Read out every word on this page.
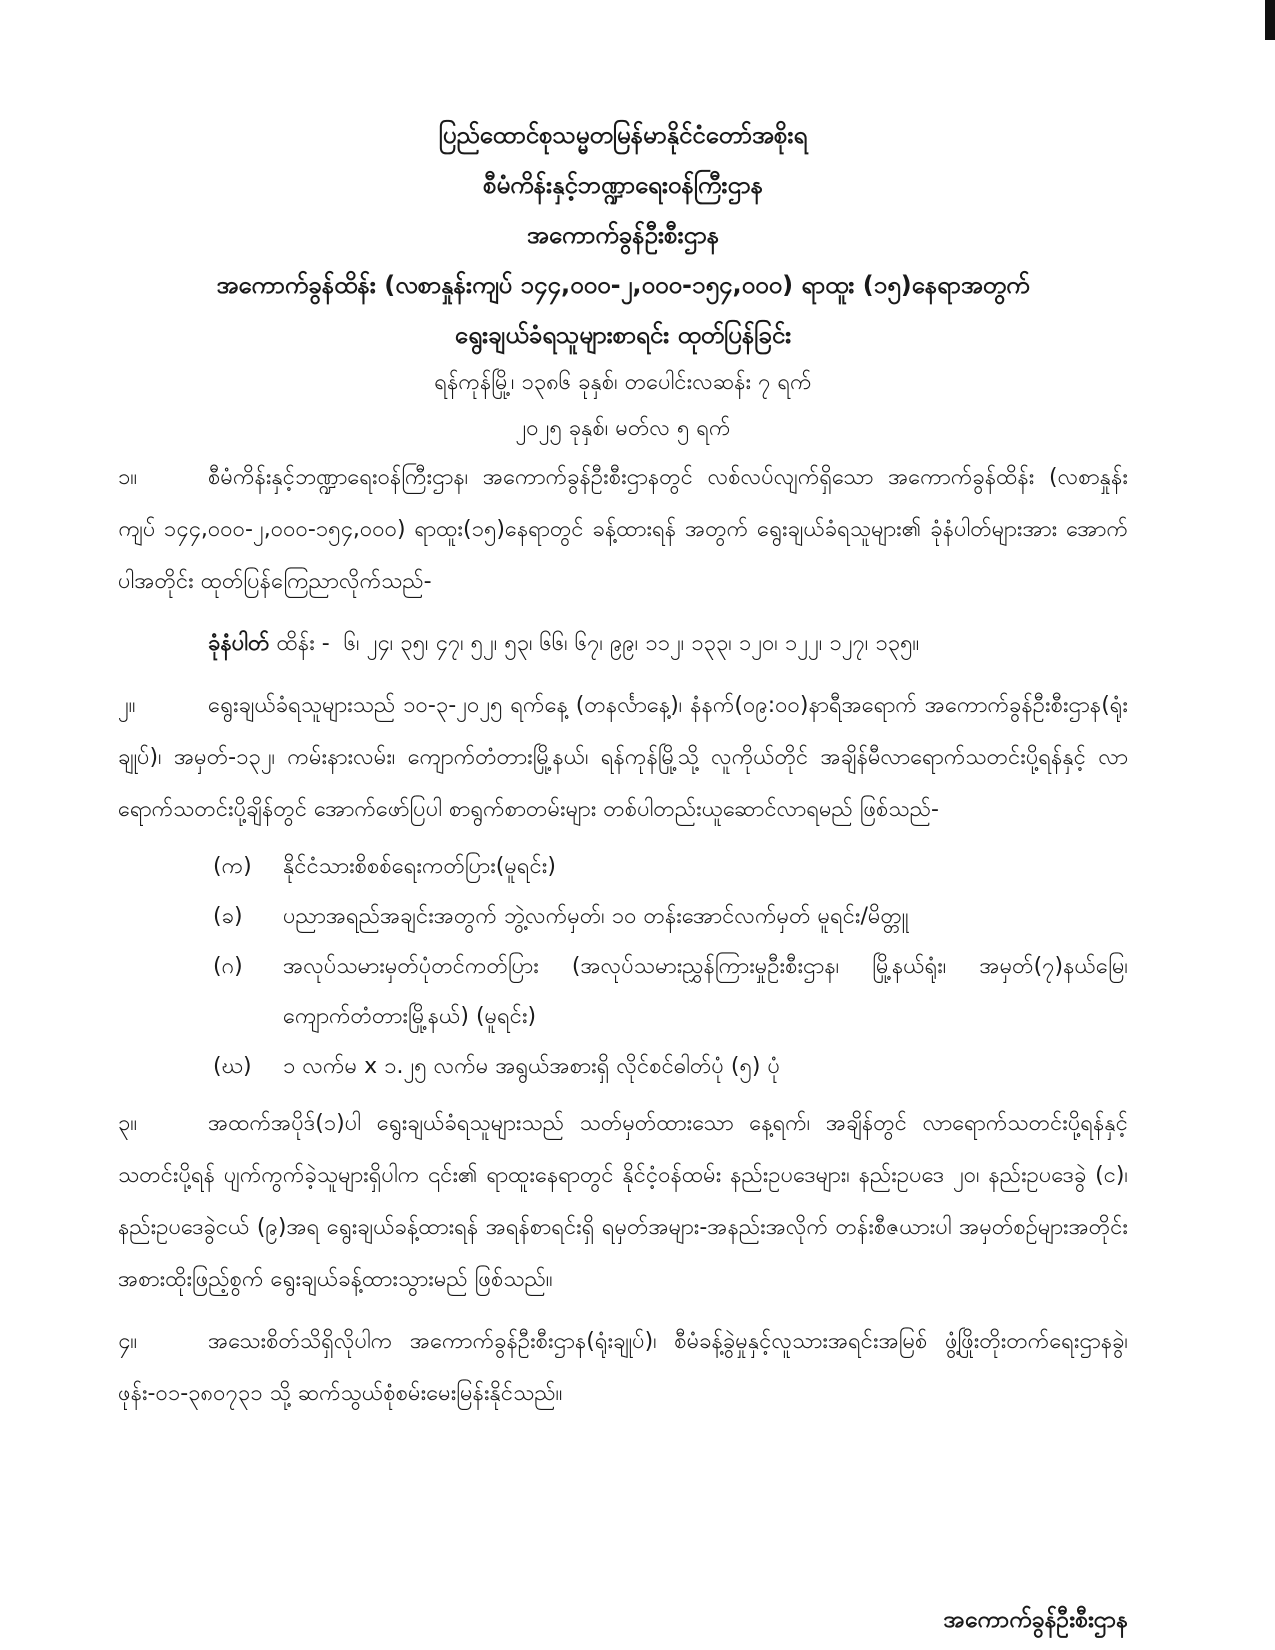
ပြည်ထောင်စုသမ္မတမြန်မာနိုင်ငံတော်အစိုးရ
စီမံကိန်းနှင့်ဘဏ္ဍာရေးဝန်ကြီးဌာန
အကောက်ခွန်ဦးစီးဌာန
အကောက်ခွန်ထိန်း (လစာနှုန်းကျပ် ၁၄၄,၀၀၀-၂,၀၀၀-၁၅၄,၀၀၀) ရာထူး (၁၅)နေရာအတွက်
ရွေးချယ်ခံရသူများစာရင်း ထုတ်ပြန်ခြင်း
ရန်ကုန်မြို့၊ ၁၃၈၆ ခုနှစ်၊ တပေါင်းလဆန်း ၇ ရက်
၂၀၂၅ ခုနှစ်၊ မတ်လ ၅ ရက်

၁။	စီမံကိန်းနှင့်ဘဏ္ဍာရေးဝန်ကြီးဌာန၊ အကောက်ခွန်ဦးစီးဌာနတွင် လစ်လပ်လျက်ရှိသော အကောက်ခွန်ထိန်း (လစာနှုန်းကျပ် ၁၄၄,၀၀၀-၂,၀၀၀-၁၅၄,၀၀၀) ရာထူး(၁၅)နေရာတွင် ခန့်ထားရန် အတွက် ရွေးချယ်ခံရသူများ၏ ခုံနံပါတ်များအား အောက်ပါအတိုင်း ထုတ်ပြန်ကြေညာလိုက်သည်-

ခုံနံပါတ် ထိန်း - ၆၊ ၂၄၊ ၃၅၊ ၄၇၊ ၅၂၊ ၅၃၊ ၆၆၊ ၆၇၊ ၉၉၊ ၁၁၂၊ ၁၃၃၊ ၁၂၀၊ ၁၂၂၊ ၁၂၇၊ ၁၃၅။

၂။	ရွေးချယ်ခံရသူများသည် ၁၀-၃-၂၀၂၅ ရက်နေ့ (တနင်္လာနေ့)၊ နံနက်(၀၉:၀၀)နာရီအရောက် အကောက်ခွန်ဦးစီးဌာန(ရုံးချုပ်)၊ အမှတ်-၁၃၂၊ ကမ်းနားလမ်း၊ ကျောက်တံတားမြို့နယ်၊ ရန်ကုန်မြို့သို့ လူကိုယ်တိုင် အချိန်မီလာရောက်သတင်းပို့ရန်နှင့် လာရောက်သတင်းပို့ချိန်တွင် အောက်ဖော်ပြပါ စာရွက်စာတမ်းများ တစ်ပါတည်းယူဆောင်လာရမည် ဖြစ်သည်-

(က)	နိုင်ငံသားစိစစ်ရေးကတ်ပြား(မူရင်း)
(ခ)	ပညာအရည်အချင်းအတွက် ဘွဲ့လက်မှတ်၊ ၁၀ တန်းအောင်လက်မှတ် မူရင်း/မိတ္တူ
(ဂ)	အလုပ်သမားမှတ်ပုံတင်ကတ်ပြား (အလုပ်သမားညွှန်ကြားမှုဦးစီးဌာန၊ မြို့နယ်ရုံး၊ အမှတ်(၇)နယ်မြေ၊ ကျောက်တံတားမြို့နယ်) (မူရင်း)
(ဃ)	၁ လက်မ x ၁.၂၅ လက်မ အရွယ်အစားရှိ လိုင်စင်ဓါတ်ပုံ (၅) ပုံ

၃။	အထက်အပိုဒ်(၁)ပါ ရွေးချယ်ခံရသူများသည် သတ်မှတ်ထားသော နေ့ရက်၊ အချိန်တွင် လာရောက်သတင်းပို့ရန်နှင့် သတင်းပို့ရန် ပျက်ကွက်ခဲ့သူများရှိပါက ၎င်း၏ ရာထူးနေရာတွင် နိုင်ငံ့ဝန်ထမ်း နည်းဥပဒေများ၊ နည်းဥပဒေ ၂၀၊ နည်းဥပဒေခွဲ (င)၊ နည်းဥပဒေခွဲငယ် (၉)အရ ရွေးချယ်ခန့်ထားရန် အရန်စာရင်းရှိ ရမှတ်အများ-အနည်းအလိုက် တန်းစီဇယားပါ အမှတ်စဉ်များအတိုင်း အစားထိုးဖြည့်စွက် ရွေးချယ်ခန့်ထားသွားမည် ဖြစ်သည်။

၄။	အသေးစိတ်သိရှိလိုပါက အကောက်ခွန်ဦးစီးဌာန(ရုံးချုပ်)၊ စီမံခန့်ခွဲမှုနှင့်လူသားအရင်းအမြစ် ဖွံ့ဖြိုးတိုးတက်ရေးဌာနခွဲ၊ ဖုန်း-၀၁-၃၈၀၇၃၁ သို့ ဆက်သွယ်စုံစမ်းမေးမြန်းနိုင်သည်။

အကောက်ခွန်ဦးစီးဌာန
